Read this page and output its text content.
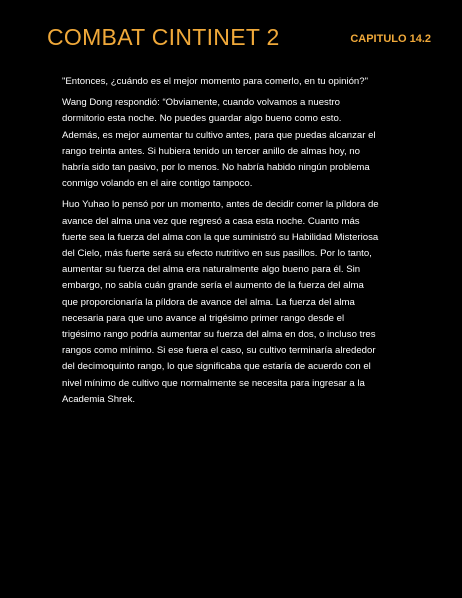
COMBAT CINTINET 2	CAPITULO 14.2

"Entonces, ¿cuándo es el mejor momento para comerlo, en tu opinión?"

Wang Dong respondió: “Obviamente, cuando volvamos a nuestro dormitorio esta noche. No puedes guardar algo bueno como esto. Además, es mejor aumentar tu cultivo antes, para que puedas alcanzar el rango treinta antes. Si hubiera tenido un tercer anillo de almas hoy, no habría sido tan pasivo, por lo menos. No habría habido ningún problema conmigo volando en el aire contigo tampoco.

Huo Yuhao lo pensó por un momento, antes de decidir comer la píldora de avance del alma una vez que regresó a casa esta noche. Cuanto más fuerte sea la fuerza del alma con la que suministró su Habilidad Misteriosa del Cielo, más fuerte será su efecto nutritivo en sus pasillos. Por lo tanto, aumentar su fuerza del alma era naturalmente algo bueno para él. Sin embargo, no sabía cuán grande sería el aumento de la fuerza del alma que proporcionaría la píldora de avance del alma. La fuerza del alma necesaria para que uno avance al trigésimo primer rango desde el trigésimo rango podría aumentar su fuerza del alma en dos, o incluso tres rangos como mínimo. Si ese fuera el caso, su cultivo terminaría alrededor del decimoquinto rango, lo que significaba que estaría de acuerdo con el nivel mínimo de cultivo que normalmente se necesita para ingresar a la Academia Shrek.
